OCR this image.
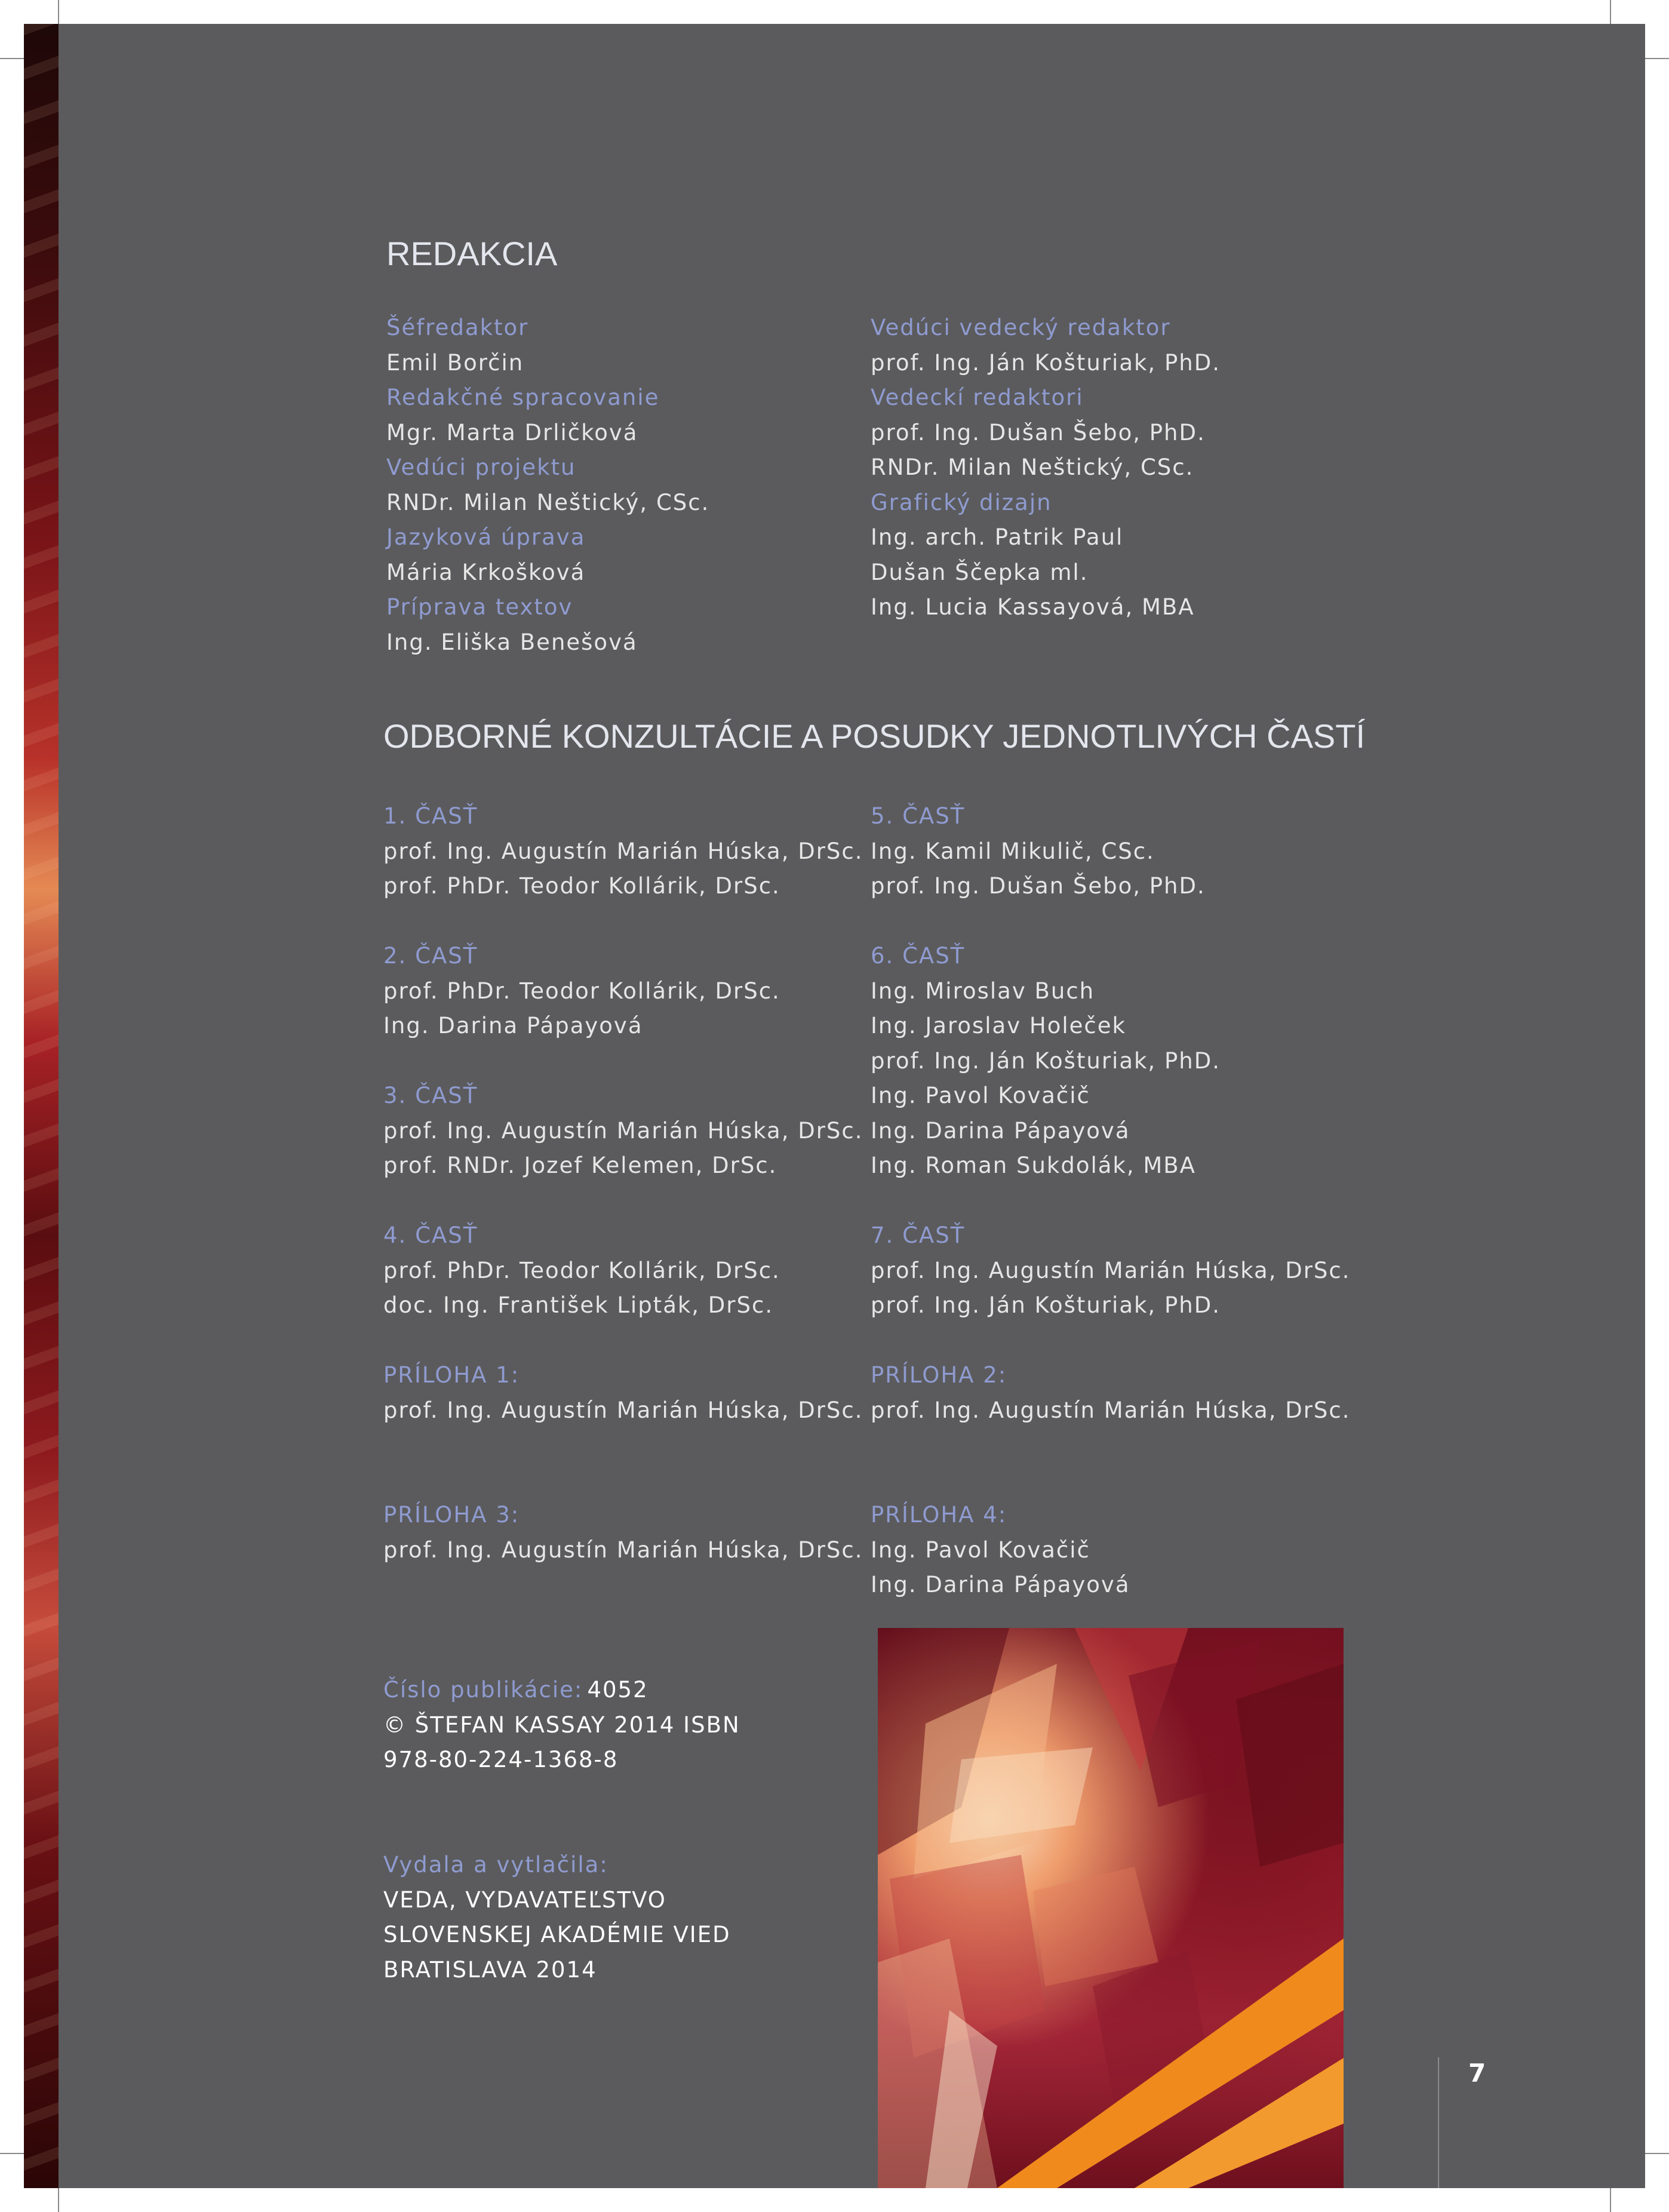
REDAKCIA
Šéfredaktor
Emil Borčin
Redakčné spracovanie
Mgr. Marta Drličková
Vedúci projektu
RNDr. Milan Neštický, CSc.
Jazyková úprava
Mária Krkošková
Príprava textov
Ing. Eliška Benešová
Vedúci vedecký redaktor
prof. Ing. Ján Košturiak, PhD.
Vedeckí redaktori
prof. Ing. Dušan Šebo, PhD.
RNDr. Milan Neštický, CSc.
Grafický dizajn
Ing. arch. Patrik Paul
Dušan Ščepka ml.
Ing. Lucia Kassayová, MBA
ODBORNÉ KONZULTÁCIE A POSUDKY JEDNOTLIVÝCH ČASTÍ
1. ČASŤ
prof. Ing. Augustín Marián Húska, DrSc.
prof. PhDr. Teodor Kollárik, DrSc.
2. ČASŤ
prof. PhDr. Teodor Kollárik, DrSc.
Ing. Darina Pápayová
3. ČASŤ
prof. Ing. Augustín Marián Húska, DrSc.
prof. RNDr. Jozef Kelemen, DrSc.
4. ČASŤ
prof. PhDr. Teodor Kollárik, DrSc.
doc. Ing. František Lipták, DrSc.
PRÍLOHA 1:
prof. Ing. Augustín Marián Húska, DrSc.
PRÍLOHA 3:
prof. Ing. Augustín Marián Húska, DrSc.
5. ČASŤ
Ing. Kamil Mikulič, CSc.
prof. Ing. Dušan Šebo, PhD.
6. ČASŤ
Ing. Miroslav Buch
Ing. Jaroslav Holeček
prof. Ing. Ján Košturiak, PhD.
Ing. Pavol Kovačič
Ing. Darina Pápayová
Ing. Roman Sukdolák, MBA
7. ČASŤ
prof. Ing. Augustín Marián Húska, DrSc.
prof. Ing. Ján Košturiak, PhD.
PRÍLOHA 2:
prof. Ing. Augustín Marián Húska, DrSc.
PRÍLOHA 4:
Ing. Pavol Kovačič
Ing. Darina Pápayová
Číslo publikácie: 4052
© ŠTEFAN KASSAY 2014 ISBN
978-80-224-1368-8
Vydala a vytlačila:
VEDA, VYDAVATEĽSTVO
SLOVENSKEJ AKADÉMIE VIED
BRATISLAVA 2014
7
